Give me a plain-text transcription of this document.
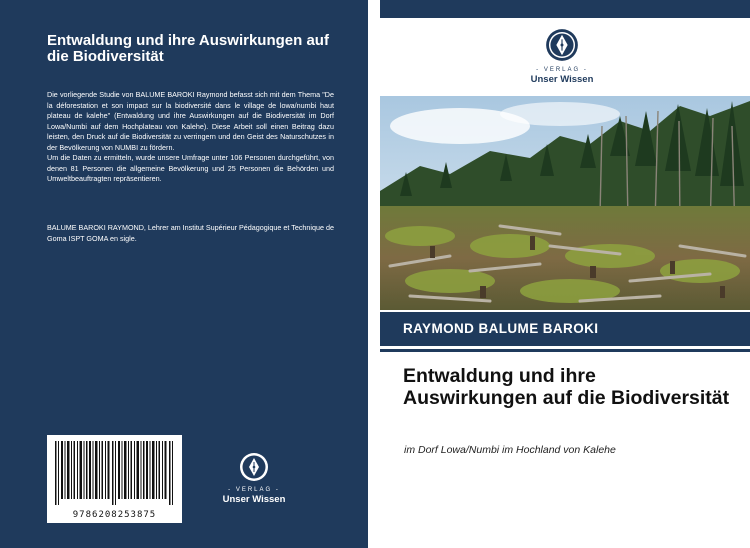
Entwaldung und ihre Auswirkungen auf die Biodiversität

Die vorliegende Studie von BALUME BAROKI Raymond befasst sich mit dem Thema "De la déforestation et son impact sur la biodiversité dans le village de lowa/numbi haut plateau de kalehe" (Entwaldung und ihre Auswirkungen auf die Biodiversität im Dorf Lowa/Numbi auf dem Hochplateau von Kalehe). Diese Arbeit soll einen Beitrag dazu leisten, den Druck auf die Biodiversität zu verringern und den Geist des Naturschutzes in der Bevölkerung von NUMBI zu fördern.

Um die Daten zu ermitteln, wurde unsere Umfrage unter 106 Personen durchgeführt, von denen 81 Personen die allgemeine Bevölkerung und 25 Personen die Behörden und Umweltbeauftragten repräsentieren.

BALUME BAROKI RAYMOND, Lehrer am Institut Supérieur Pédagogique et Technique de Goma ISPT GOMA en sigle.
9786208253875
- VERLAG -
Unser Wissen
- VERLAG -
Unser Wissen
RAYMOND BALUME BAROKI
Entwaldung und ihre Auswirkungen auf die Biodiversität
im Dorf Lowa/Numbi im Hochland von Kalehe
